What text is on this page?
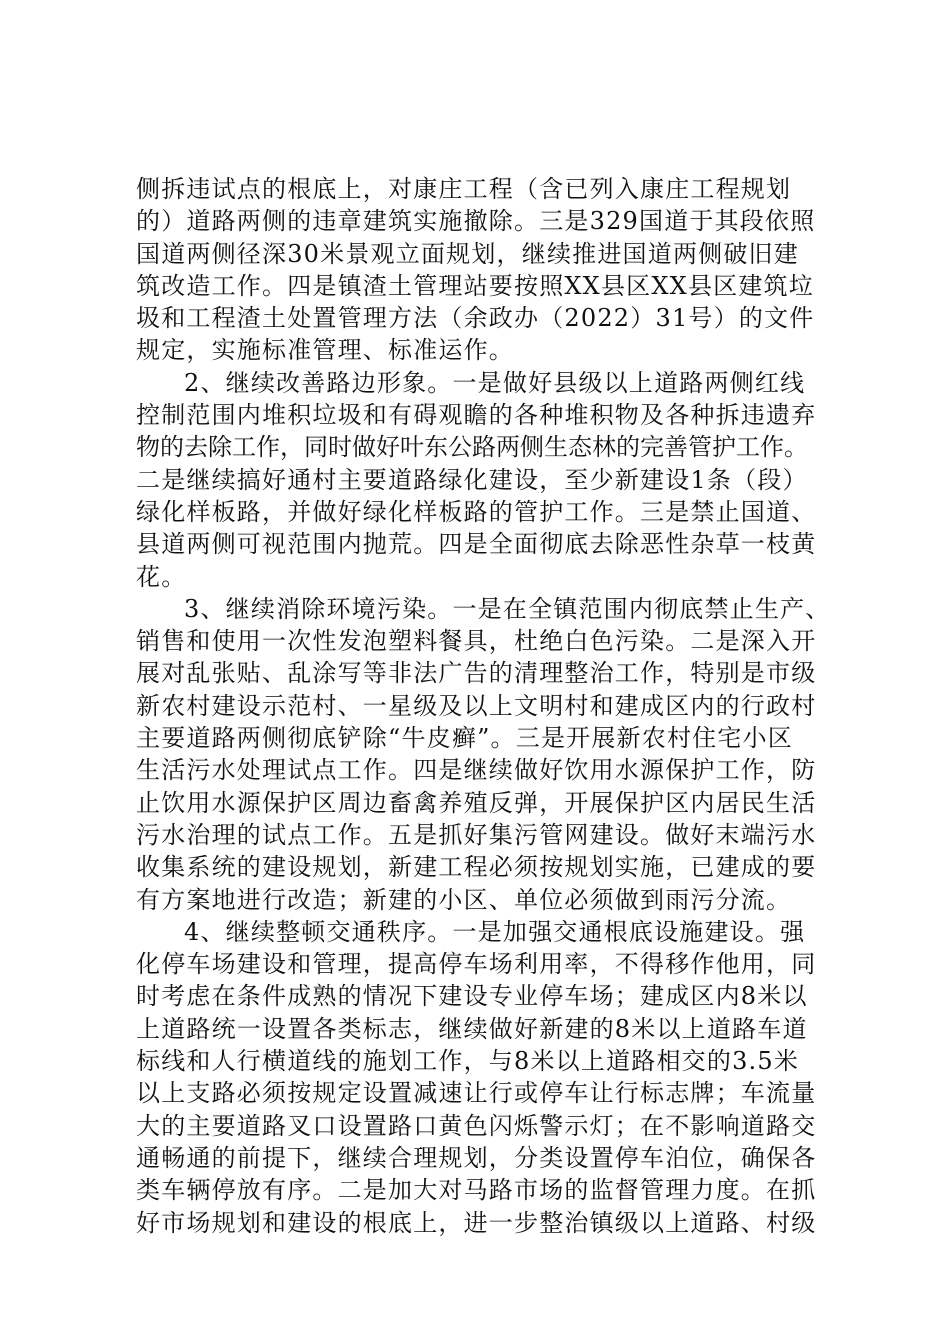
侧拆违试点的根底上，对康庄工程（含已列入康庄工程规划
的）道路两侧的违章建筑实施撤除。三是329国道于其段依照
国道两侧径深30米景观立面规划，继续推进国道两侧破旧建
筑改造工作。四是镇渣土管理站要按照XX县区XX县区建筑垃
圾和工程渣土处置管理方法（余政办（2022）31号）的文件
规定，实施标准管理、标准运作。
2、继续改善路边形象。一是做好县级以上道路两侧红线
控制范围内堆积垃圾和有碍观瞻的各种堆积物及各种拆违遗弃
物的去除工作，同时做好叶东公路两侧生态林的完善管护工作。
二是继续搞好通村主要道路绿化建设，至少新建设1条（段）
绿化样板路，并做好绿化样板路的管护工作。三是禁止国道、
县道两侧可视范围内抛荒。四是全面彻底去除恶性杂草一枝黄
花。
3、继续消除环境污染。一是在全镇范围内彻底禁止生产、
销售和使用一次性发泡塑料餐具，杜绝白色污染。二是深入开
展对乱张贴、乱涂写等非法广告的清理整治工作，特别是市级
新农村建设示范村、一星级及以上文明村和建成区内的行政村
主要道路两侧彻底铲除“牛皮癣”。三是开展新农村住宅小区
生活污水处理试点工作。四是继续做好饮用水源保护工作，防
止饮用水源保护区周边畜禽养殖反弹，开展保护区内居民生活
污水治理的试点工作。五是抓好集污管网建设。做好末端污水
收集系统的建设规划，新建工程必须按规划实施，已建成的要
有方案地进行改造；新建的小区、单位必须做到雨污分流。
4、继续整顿交通秩序。一是加强交通根底设施建设。强
化停车场建设和管理，提高停车场利用率，不得移作他用，同
时考虑在条件成熟的情况下建设专业停车场；建成区内8米以
上道路统一设置各类标志，继续做好新建的8米以上道路车道
标线和人行横道线的施划工作，与8米以上道路相交的3.5米
以上支路必须按规定设置减速让行或停车让行标志牌；车流量
大的主要道路叉口设置路口黄色闪烁警示灯；在不影响道路交
通畅通的前提下，继续合理规划，分类设置停车泊位，确保各
类车辆停放有序。二是加大对马路市场的监督管理力度。在抓
好市场规划和建设的根底上，进一步整治镇级以上道路、村级
